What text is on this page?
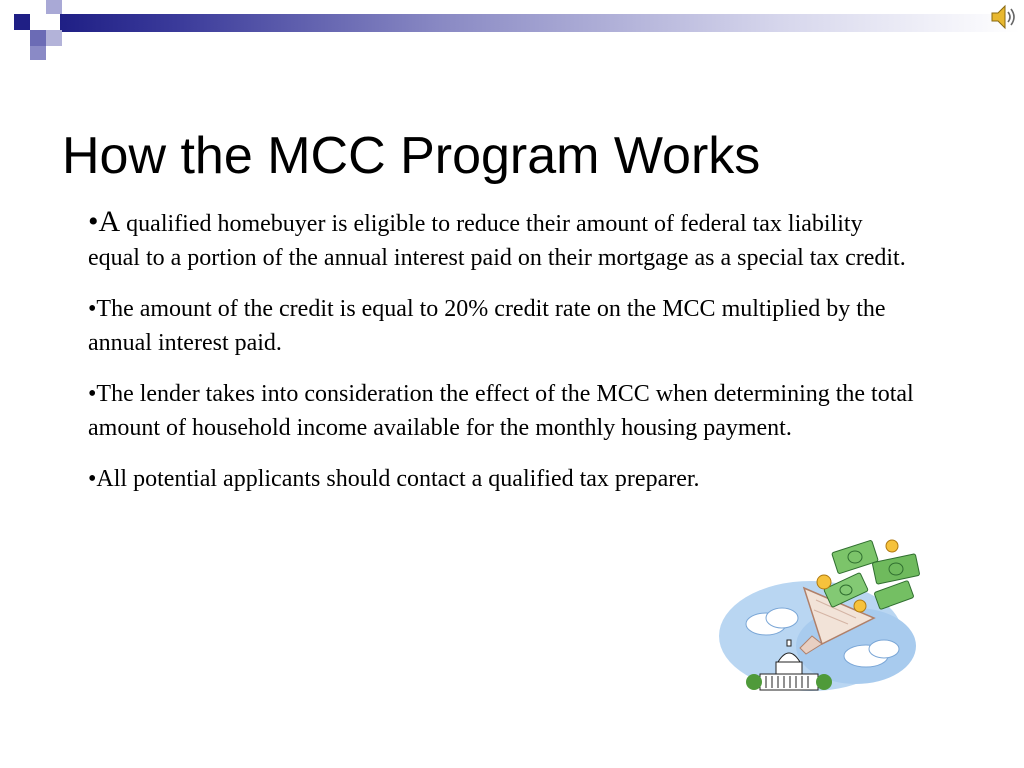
How the MCC Program Works

•A qualified homebuyer is eligible to reduce their amount of federal tax liability equal to a portion of the annual interest paid on their mortgage as a special tax credit.

•The amount of the credit is equal to 20% credit rate on the MCC multiplied by the annual interest paid.

•The lender takes into consideration the effect of the MCC when determining the total amount of household income available for the monthly housing payment.

•All potential applicants should contact a qualified tax preparer.
